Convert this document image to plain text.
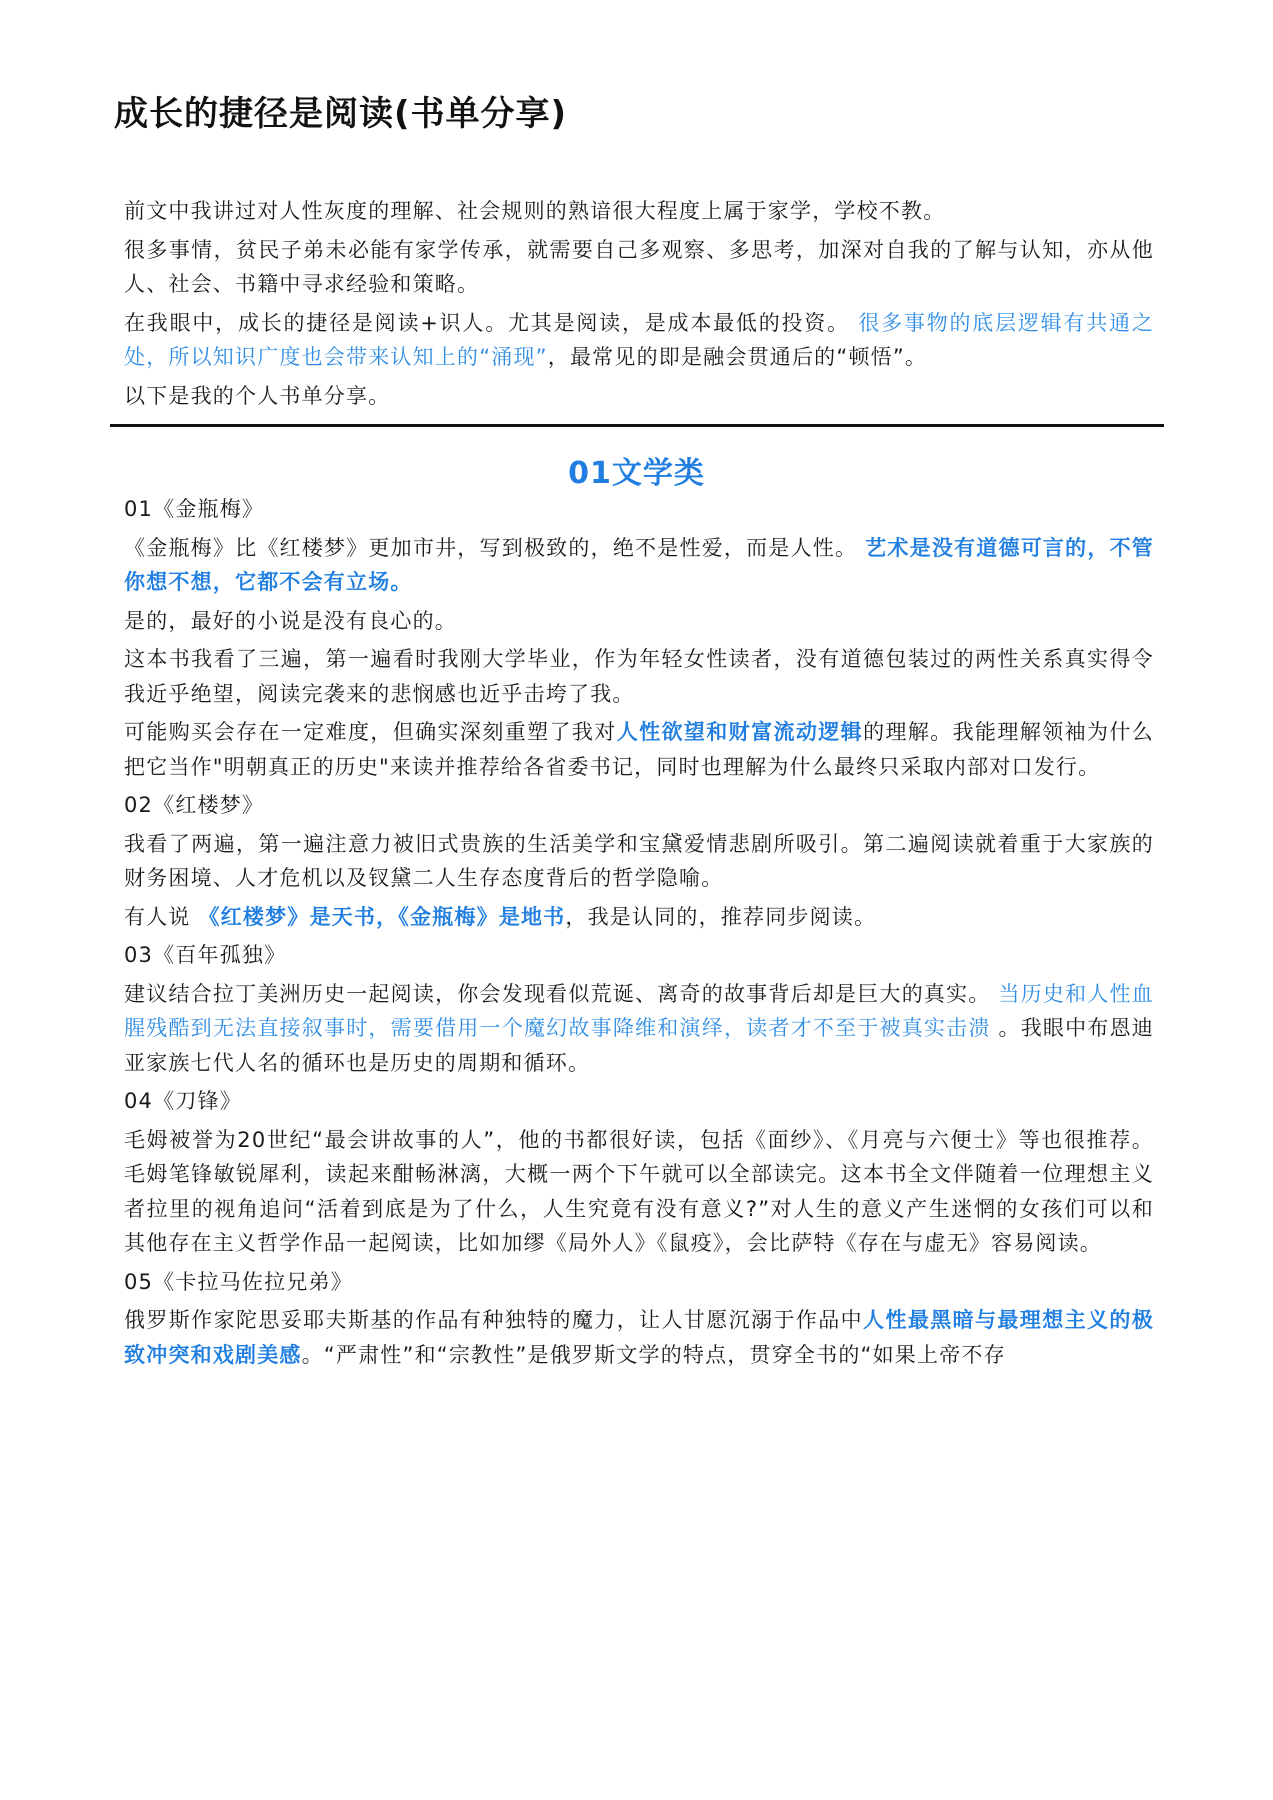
成长的捷径是阅读(书单分享)

前文中我讲过对人性灰度的理解、社会规则的熟谙很大程度上属于家学，学校不教。

很多事情，贫民子弟未必能有家学传承，就需要自己多观察、多思考，加深对自我的了解与认知，亦从他人、社会、书籍中寻求经验和策略。

在我眼中，成长的捷径是阅读+识人。尤其是阅读，是成本最低的投资。 很多事物的底层逻辑有共通之处，所以知识广度也会带来认知上的“涌现”，最常见的即是融会贯通后的“顿悟”。

以下是我的个人书单分享。

01文学类

01《金瓶梅》

《金瓶梅》比《红楼梦》更加市井，写到极致的，绝不是性爱，而是人性。 艺术是没有道德可言的，不管你想不想，它都不会有立场。

是的，最好的小说是没有良心的。

这本书我看了三遍，第一遍看时我刚大学毕业，作为年轻女性读者，没有道德包装过的两性关系真实得令我近乎绝望，阅读完袭来的悲悯感也近乎击垮了我。

可能购买会存在一定难度，但确实深刻重塑了我对人性欲望和财富流动逻辑的理解。我能理解领袖为什么把它当作"明朝真正的历史"来读并推荐给各省委书记，同时也理解为什么最终只采取内部对口发行。

02《红楼梦》

我看了两遍，第一遍注意力被旧式贵族的生活美学和宝黛爱情悲剧所吸引。第二遍阅读就着重于大家族的财务困境、人才危机以及钗黛二人生存态度背后的哲学隐喻。

有人说 《红楼梦》是天书，《金瓶梅》是地书，我是认同的，推荐同步阅读。

03《百年孤独》

建议结合拉丁美洲历史一起阅读，你会发现看似荒诞、离奇的故事背后却是巨大的真实。 当历史和人性血腥残酷到无法直接叙事时，需要借用一个魔幻故事降维和演绎，读者才不至于被真实击溃 。我眼中布恩迪亚家族七代人名的循环也是历史的周期和循环。

04《刀锋》

毛姆被誉为20世纪“最会讲故事的人”，他的书都很好读，包括《面纱》、《月亮与六便士》等也很推荐。毛姆笔锋敏锐犀利，读起来酣畅淋漓，大概一两个下午就可以全部读完。这本书全文伴随着一位理想主义者拉里的视角追问“活着到底是为了什么，人生究竟有没有意义?”对人生的意义产生迷惘的女孩们可以和其他存在主义哲学作品一起阅读，比如加缪《局外人》《鼠疫》，会比萨特《存在与虚无》容易阅读。

05《卡拉马佐拉兄弟》

俄罗斯作家陀思妥耶夫斯基的作品有种独特的魔力，让人甘愿沉溺于作品中人性最黑暗与最理想主义的极致冲突和戏剧美感。“严肃性”和“宗教性”是俄罗斯文学的特点，贯穿全书的“如果上帝不存
